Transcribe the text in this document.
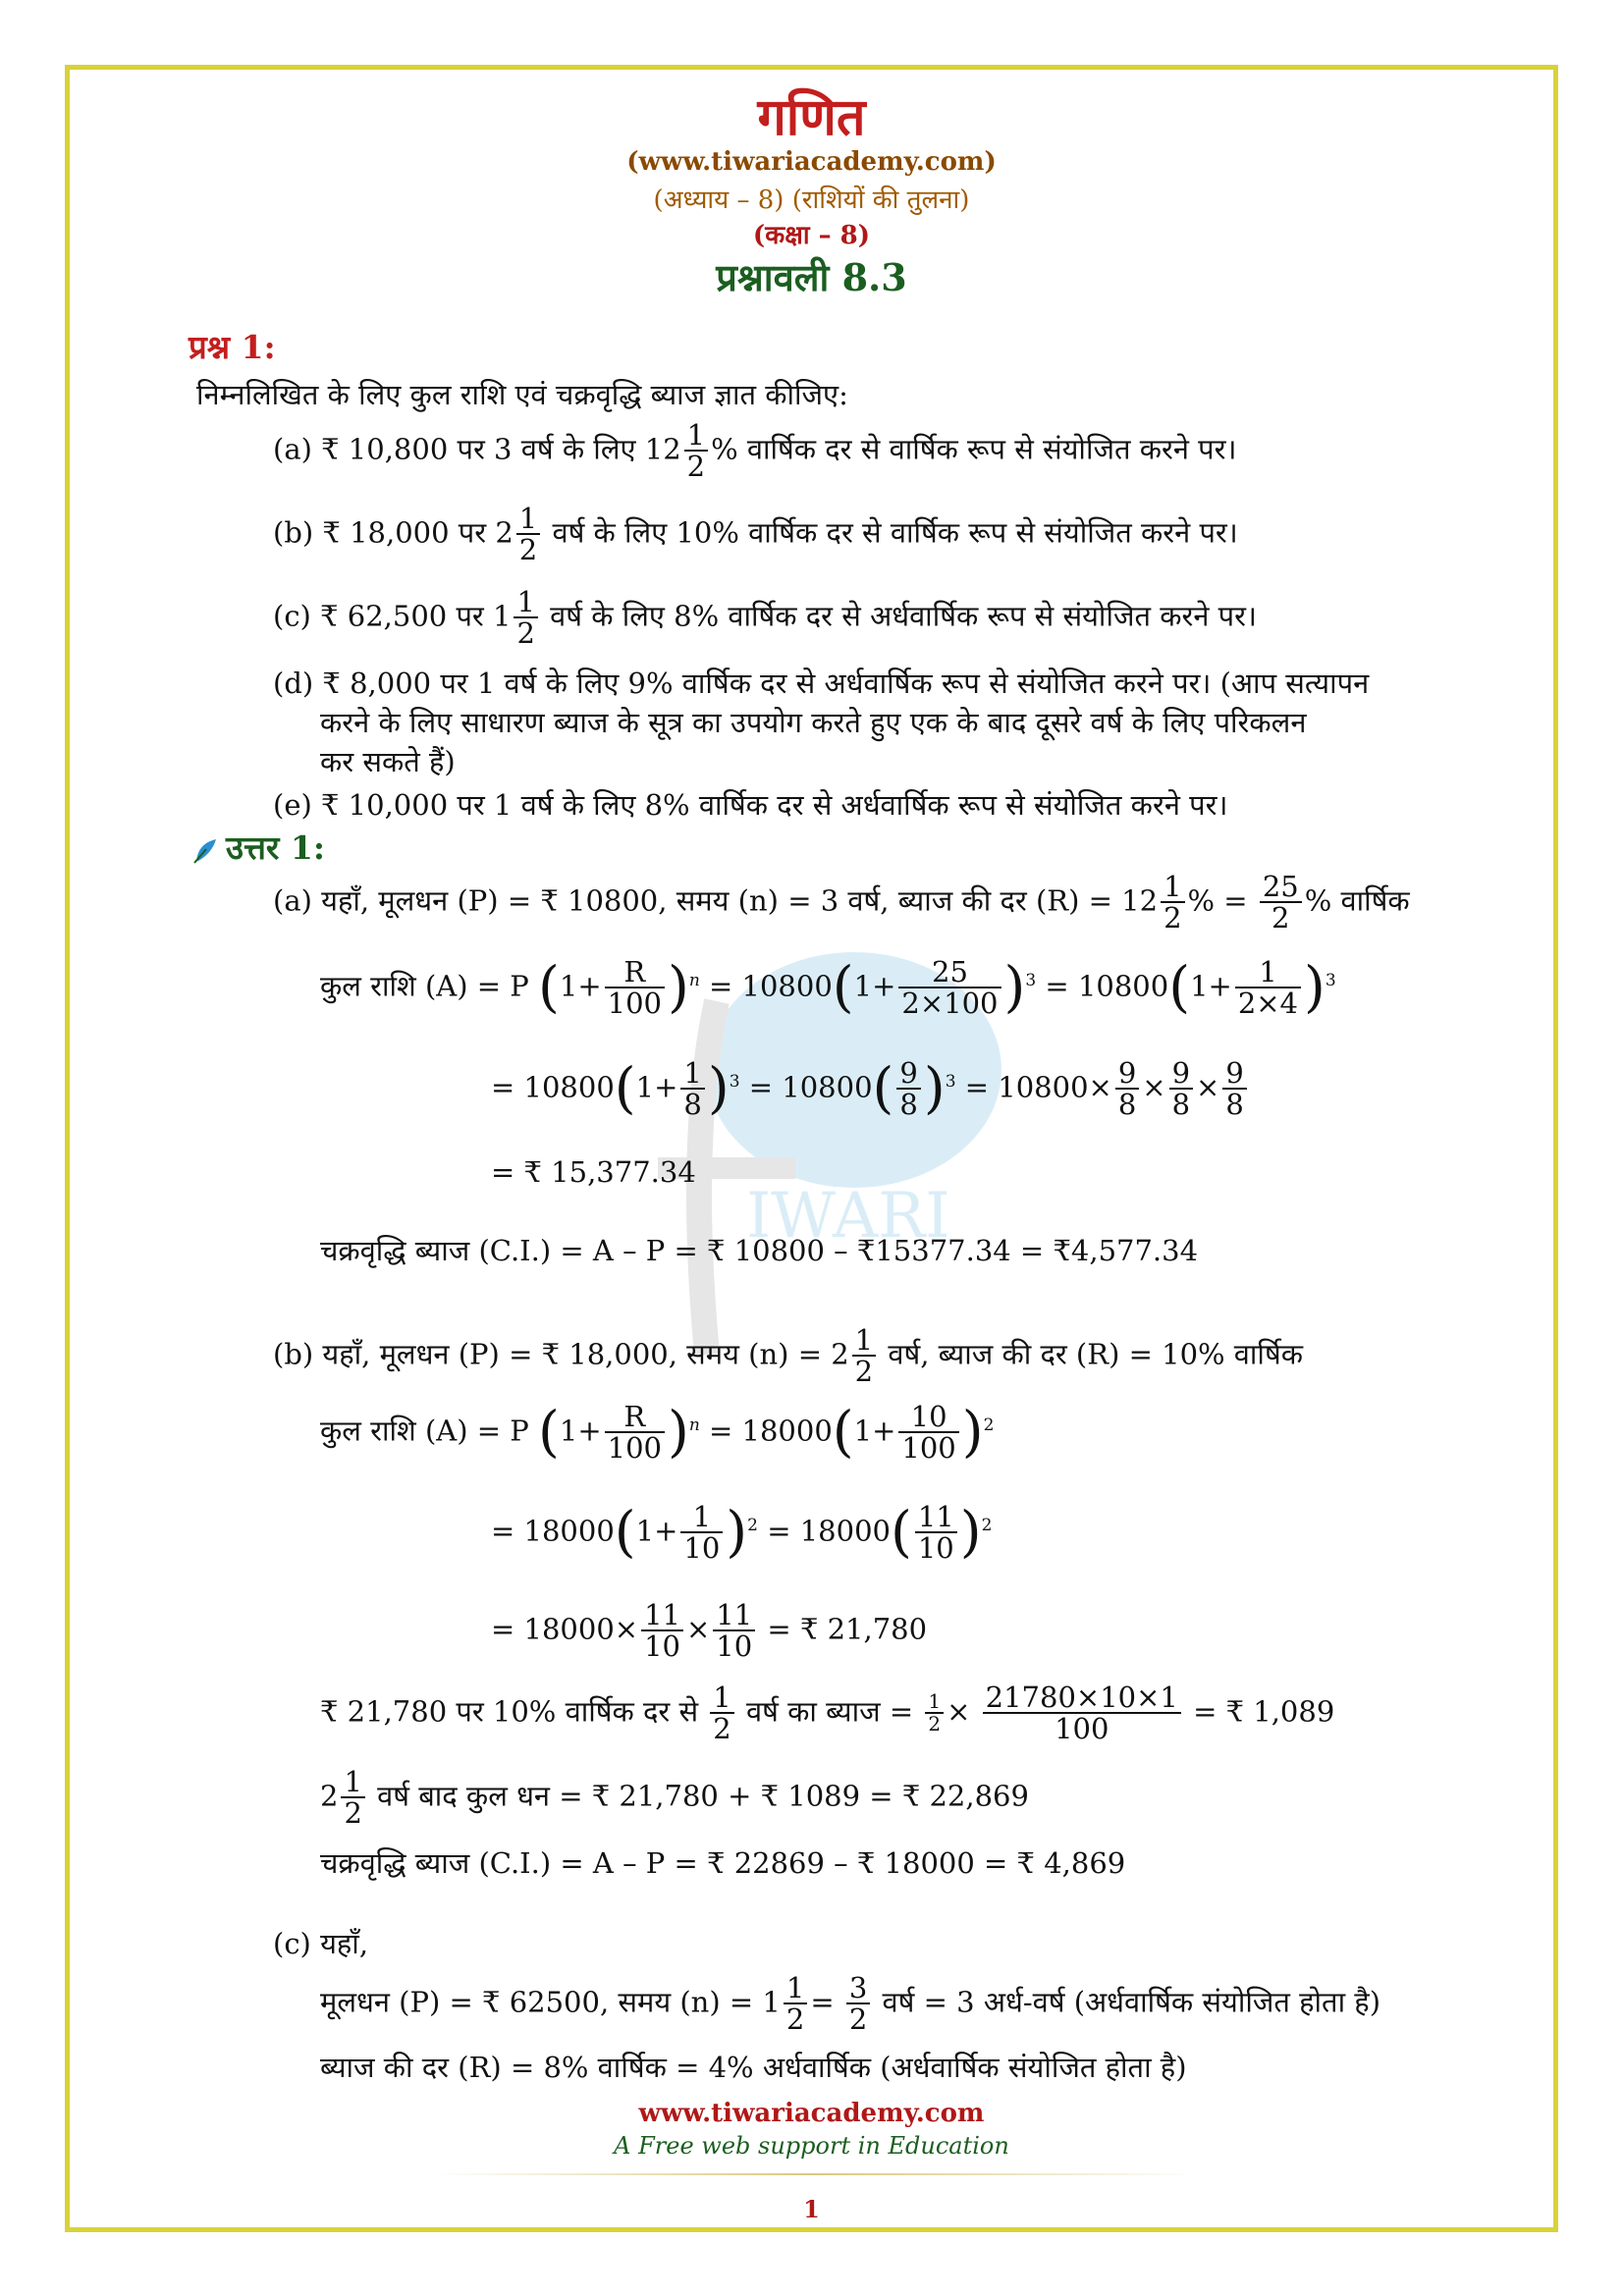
IWARI
गणित
(www.tiwariacademy.com)
(अध्याय – 8) (राशियों की तुलना)
(कक्षा – 8)
प्रश्नावली 8.3
प्रश्न 1:
निम्नलिखित के लिए कुल राशि एवं चक्रवृद्धि ब्याज ज्ञात कीजिए:
(a) ₹ 10,800 पर 3 वर्ष के लिए $12 \frac{1}{2}$ % वार्षिक दर से वार्षिक रूप से संयोजित करने पर।
(b) ₹ 18,000 पर $2 \frac{1}{2}$ वर्ष के लिए 10% वार्षिक दर से वार्षिक रूप से संयोजित करने पर।
(c) ₹ 62,500 पर $1 \frac{1}{2}$ वर्ष के लिए 8% वार्षिक दर से अर्धवार्षिक रूप से संयोजित करने पर।
(d) ₹ 8,000 पर 1 वर्ष के लिए 9% वार्षिक दर से अर्धवार्षिक रूप से संयोजित करने पर। (आप सत्यापन
करने के लिए साधारण ब्याज के सूत्र का उपयोग करते हुए एक के बाद दूसरे वर्ष के लिए परिकलन
कर सकते हैं)
(e) ₹ 10,000 पर 1 वर्ष के लिए 8% वार्षिक दर से अर्धवार्षिक रूप से संयोजित करने पर।
उत्तर 1:
(a) यहाँ, मूलधन (P) = ₹ 10800, समय (n) = 3 वर्ष, ब्याज की दर $(R) = 12 \frac{1}{2}$ % = $\frac{25}{2}$ % वार्षिक
कुल राशि (A) = P $(1+ \frac{R}{100} )^n = 10800(1+ \frac{25}{2\times 100} )^3 = 10800(1+ \frac{1}{2\times 4} )^3$
= $10800(1+ \frac{1}{8} )^3 = 10800( \frac{9}{8} )^3 = 10800\times \frac{9}{8} \times \frac{9}{8} \times \frac{9}{8}$
= ₹ 15,377.34
चक्रवृद्धि ब्याज (C.I.) = A – P = ₹ 10800 – ₹15377.34 = ₹4,577.34
(b) यहाँ, मूलधन (P) = ₹ 18,000, समय $(n) = 2 \frac{1}{2}$ वर्ष, ब्याज की दर (R) = 10% वार्षिक
कुल राशि (A) = P $(1+ \frac{R}{100} )^n = 18000(1+ \frac{10}{100} )^2$
= $18000(1+ \frac{1}{10} )^2 = 18000( \frac{11}{10} )^2$
= $18000\times \frac{11}{10} \times \frac{11}{10}$ = ₹ 21,780
₹ 21,780 पर 10% वार्षिक दर से $\frac{1}{2}$ वर्ष का ब्याज = $\frac{1}{2} \times \frac{21780\times 10\times 1}{100}$ = ₹ 1,089
$2 \frac{1}{2}$ वर्ष बाद कुल धन = ₹ 21,780 + ₹ 1089 = ₹ 22,869
चक्रवृद्धि ब्याज (C.I.) = A – P = ₹ 22869 – ₹ 18000 = ₹ 4,869
(c) यहाँ,
मूलधन (P) = ₹ 62500, समय $(n) = 1 \frac{1}{2} = \frac{3}{2}$ वर्ष = 3 अर्ध-वर्ष (अर्धवार्षिक संयोजित होता है)
ब्याज की दर (R) = 8% वार्षिक = 4% अर्धवार्षिक (अर्धवार्षिक संयोजित होता है)
www.tiwariacademy.com
A Free web support in Education
1
